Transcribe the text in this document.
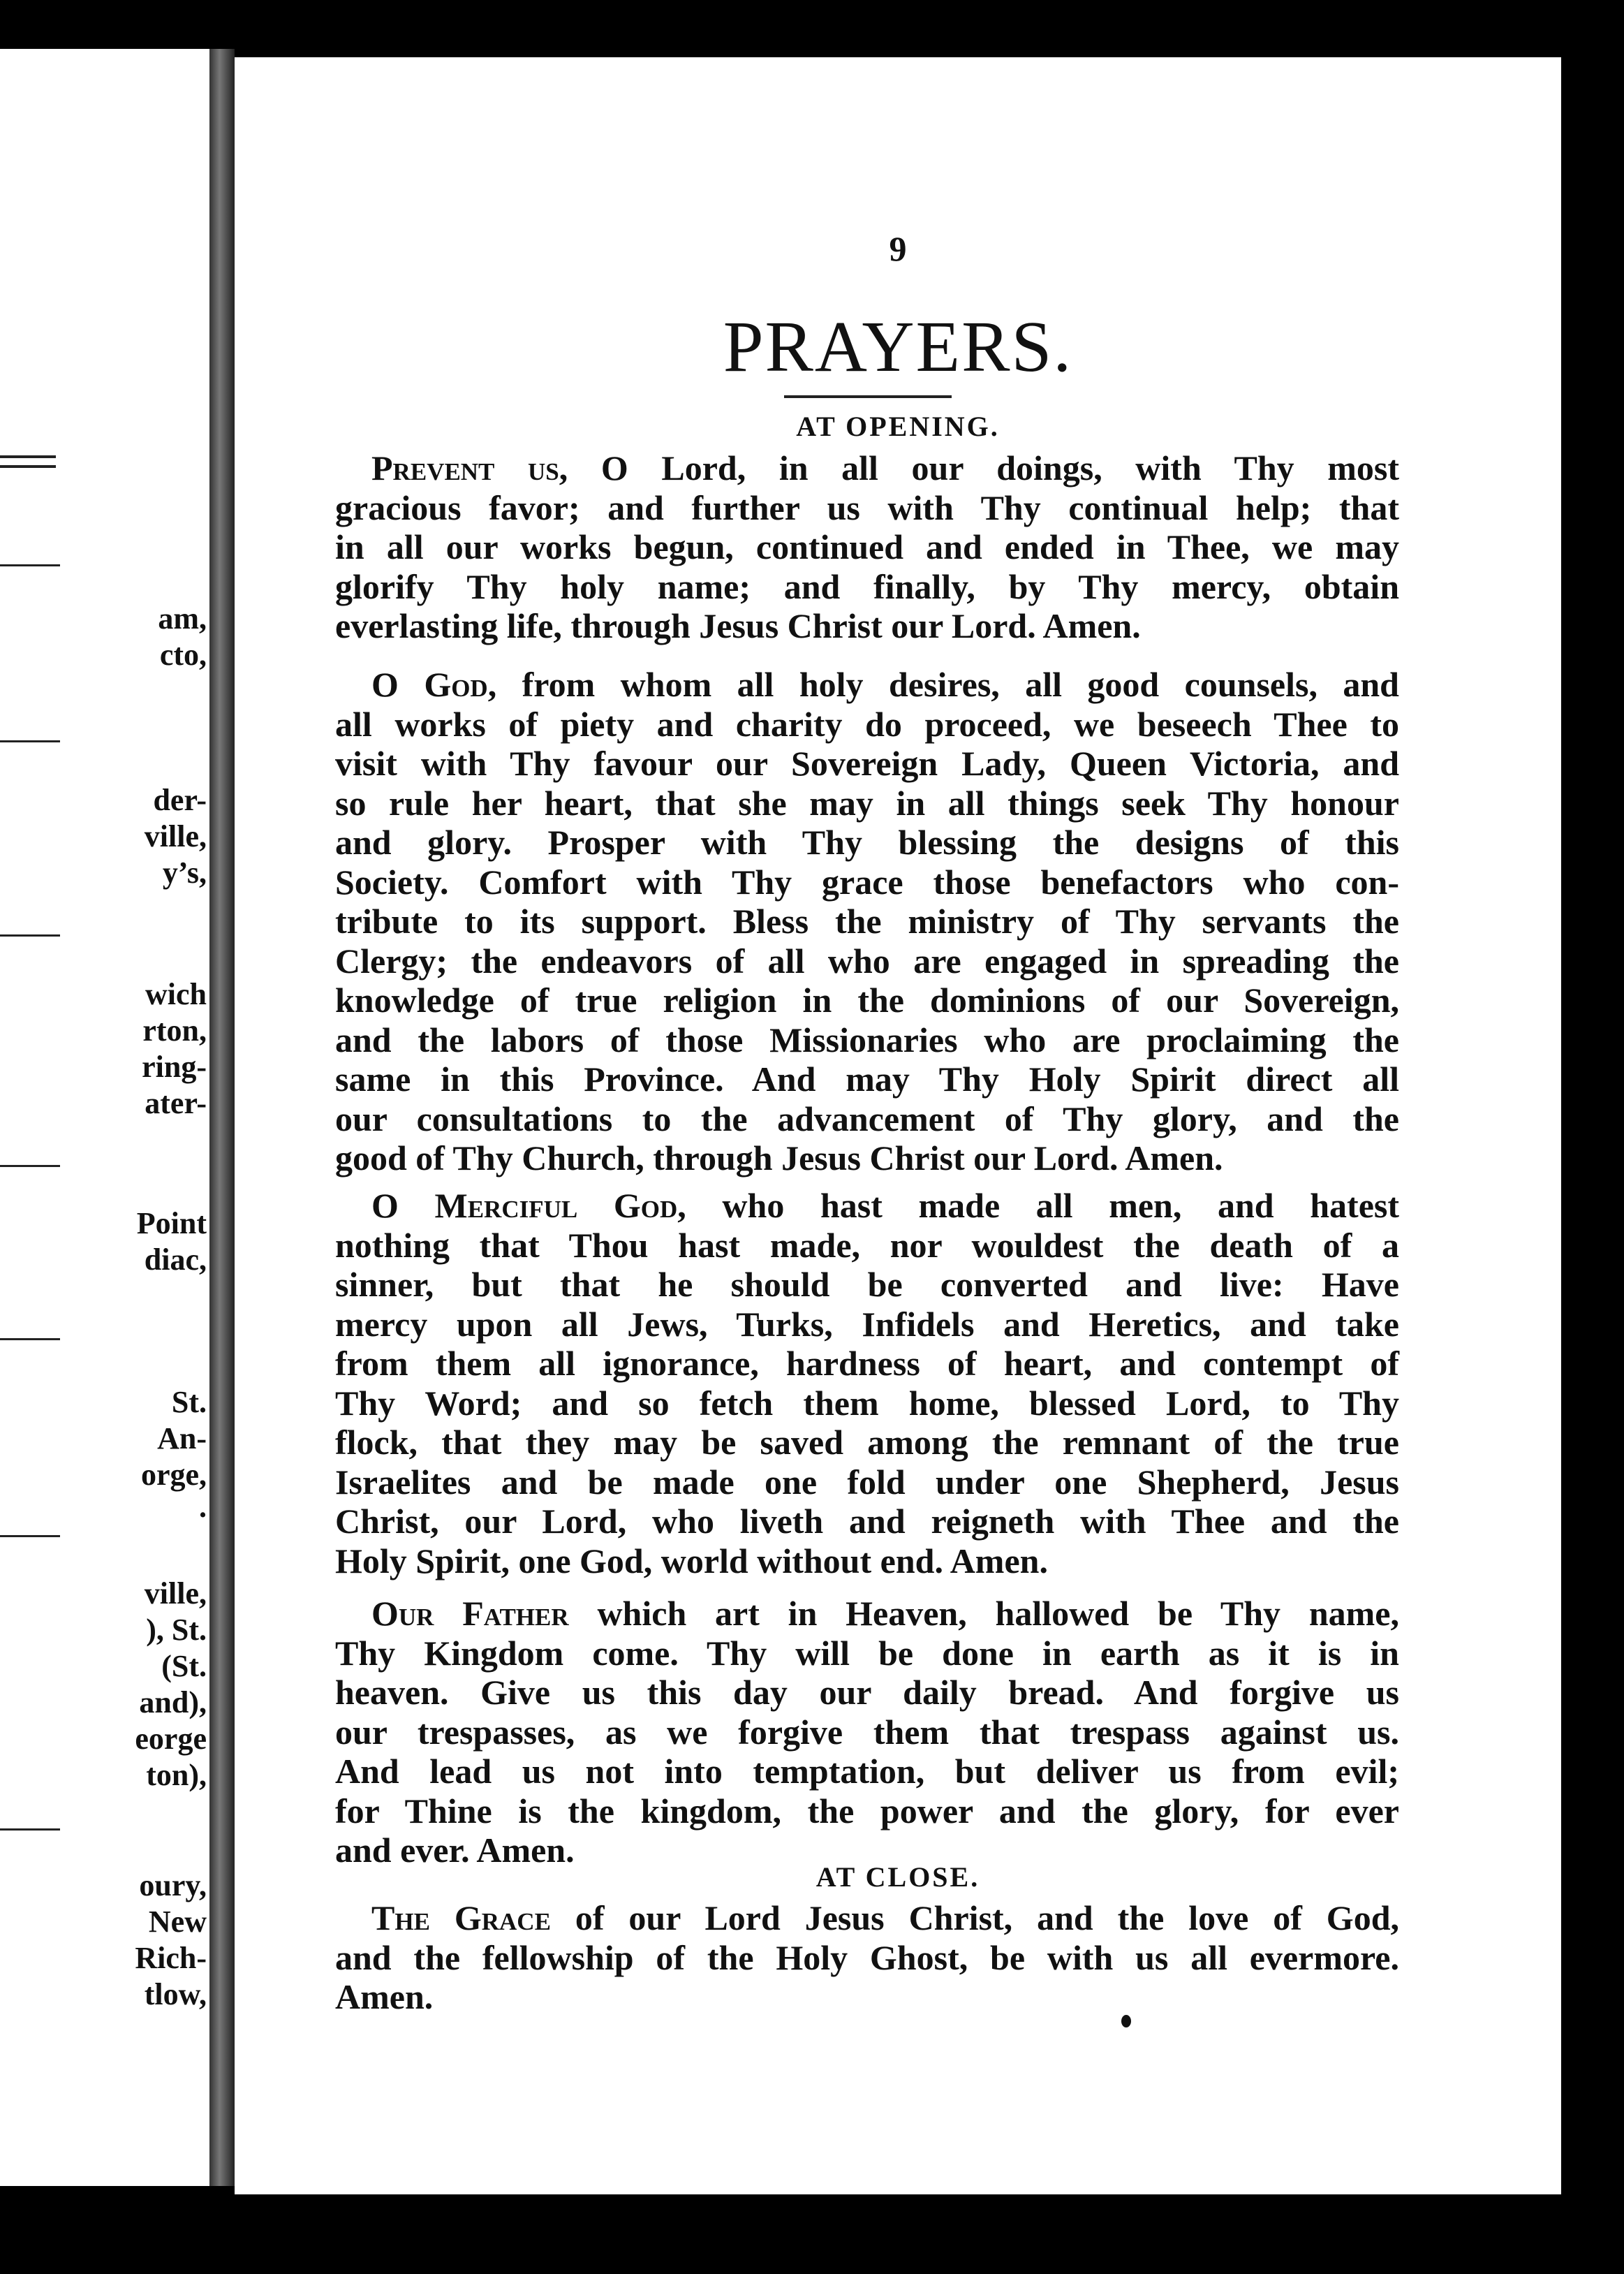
am,
cto,
der-
ville,
y’s,
wich
rton,
ring-
ater-
Point
diac,
St.
An-
orge,
.
ville,
), St.
(St.
and),
eorge
ton),
oury,
New
Rich-
tlow,
9
PRAYERS.
AT OPENING.
Prevent us, O Lord, in all our doings, with Thy most
gracious favor; and further us with Thy continual help; that
in all our works begun, continued and ended in Thee, we may
glorify Thy holy name; and finally, by Thy mercy, obtain
everlasting life, through Jesus Christ our Lord. Amen.
O God, from whom all holy desires, all good counsels, and
all works of piety and charity do proceed, we beseech Thee to
visit with Thy favour our Sovereign Lady, Queen Victoria, and
so rule her heart, that she may in all things seek Thy honour
and glory. Prosper with Thy blessing the designs of this
Society. Comfort with Thy grace those benefactors who con-
tribute to its support. Bless the ministry of Thy servants the
Clergy; the endeavors of all who are engaged in spreading the
knowledge of true religion in the dominions of our Sovereign,
and the labors of those Missionaries who are proclaiming the
same in this Province. And may Thy Holy Spirit direct all
our consultations to the advancement of Thy glory, and the
good of Thy Church, through Jesus Christ our Lord. Amen.
O Merciful God, who hast made all men, and hatest
nothing that Thou hast made, nor wouldest the death of a
sinner, but that he should be converted and live: Have
mercy upon all Jews, Turks, Infidels and Heretics, and take
from them all ignorance, hardness of heart, and contempt of
Thy Word; and so fetch them home, blessed Lord, to Thy
flock, that they may be saved among the remnant of the true
Israelites and be made one fold under one Shepherd, Jesus
Christ, our Lord, who liveth and reigneth with Thee and the
Holy Spirit, one God, world without end. Amen.
Our Father which art in Heaven, hallowed be Thy name,
Thy Kingdom come. Thy will be done in earth as it is in
heaven. Give us this day our daily bread. And forgive us
our trespasses, as we forgive them that trespass against us.
And lead us not into temptation, but deliver us from evil;
for Thine is the kingdom, the power and the glory, for ever
and ever. Amen.
AT CLOSE.
The Grace of our Lord Jesus Christ, and the love of God,
and the fellowship of the Holy Ghost, be with us all evermore.
Amen.
